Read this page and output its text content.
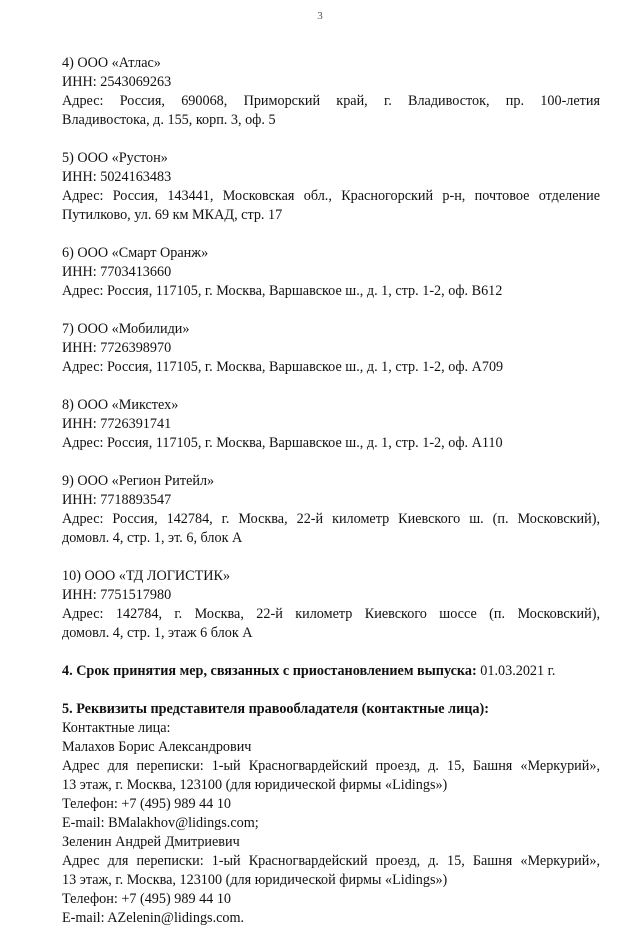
3
4) ООО «Атлас»
ИНН: 2543069263
Адрес: Россия, 690068, Приморский край, г. Владивосток, пр. 100-летия
Владивостока, д. 155, корп. 3, оф. 5
5) ООО «Рустон»
ИНН: 5024163483
Адрес: Россия, 143441, Московская обл., Красногорский р-н, почтовое отделение
Путилково, ул. 69 км МКАД, стр. 17
6) ООО «Смарт Оранж»
ИНН: 7703413660
Адрес: Россия, 117105, г. Москва, Варшавское ш., д. 1, стр. 1-2, оф. В612
7) ООО «Мобилиди»
ИНН: 7726398970
Адрес: Россия, 117105, г. Москва, Варшавское ш., д. 1, стр. 1-2, оф. А709
8) ООО «Микстех»
ИНН: 7726391741
Адрес: Россия, 117105, г. Москва, Варшавское ш., д. 1, стр. 1-2, оф. А110
9) ООО «Регион Ритейл»
ИНН: 7718893547
Адрес: Россия, 142784, г. Москва, 22-й километр Киевского ш. (п. Московский),
домовл. 4, стр. 1, эт. 6, блок А
10) ООО «ТД ЛОГИСТИК»
ИНН: 7751517980
Адрес: 142784, г. Москва, 22-й километр Киевского шоссе (п. Московский),
домовл. 4, стр. 1, этаж 6 блок А
4. Срок принятия мер, связанных с приостановлением выпуска: 01.03.2021 г.
5. Реквизиты представителя правообладателя (контактные лица):
Контактные лица:
Малахов Борис Александрович
Адрес для переписки: 1-ый Красногвардейский проезд, д. 15, Башня «Меркурий»,
13 этаж, г. Москва, 123100 (для юридической фирмы «Lidings»)
Телефон: +7 (495) 989 44 10
E-mail: BMalakhov@lidings.com;
Зеленин Андрей Дмитриевич
Адрес для переписки: 1-ый Красногвардейский проезд, д. 15, Башня «Меркурий»,
13 этаж, г. Москва, 123100 (для юридической фирмы «Lidings»)
Телефон: +7 (495) 989 44 10
E-mail: AZelenin@lidings.com.
